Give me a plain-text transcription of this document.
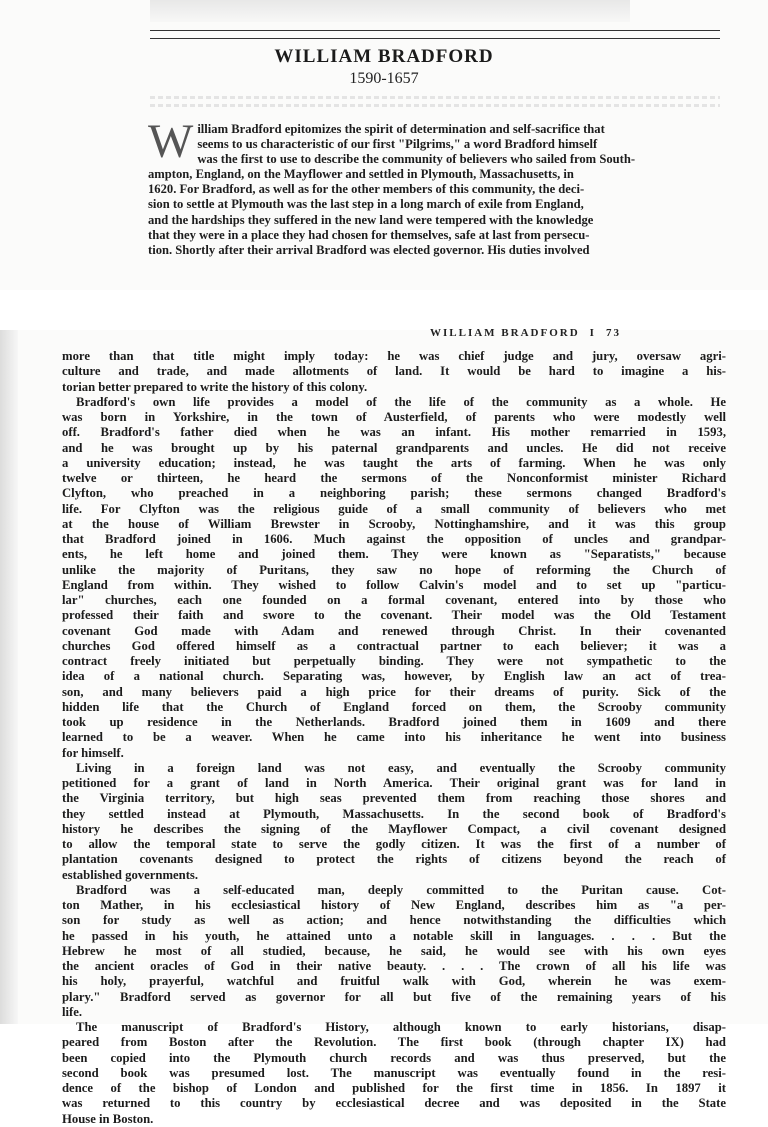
WILLIAM BRADFORD
1590-1657
W illiam Bradford epitomizes the spirit of determination and self-sacrifice that
seems to us characteristic of our first "Pilgrims," a word Bradford himself
was the first to use to describe the community of believers who sailed from South-
ampton, England, on the Mayflower and settled in Plymouth, Massachusetts, in
1620. For Bradford, as well as for the other members of this community, the deci-
sion to settle at Plymouth was the last step in a long march of exile from England,
and the hardships they suffered in the new land were tempered with the knowledge
that they were in a place they had chosen for themselves, safe at last from persecu-
tion. Shortly after their arrival Bradford was elected governor. His duties involved
WILLIAM BRADFORD I 73
more than that title might imply today: he was chief judge and jury, oversaw agri-
culture and trade, and made allotments of land. It would be hard to imagine a his-
torian better prepared to write the history of this colony.
Bradford's own life provides a model of the life of the community as a whole. He
was born in Yorkshire, in the town of Austerfield, of parents who were modestly well
off. Bradford's father died when he was an infant. His mother remarried in 1593,
and he was brought up by his paternal grandparents and uncles. He did not receive
a university education; instead, he was taught the arts of farming. When he was only
twelve or thirteen, he heard the sermons of the Nonconformist minister Richard
Clyfton, who preached in a neighboring parish; these sermons changed Bradford's
life. For Clyfton was the religious guide of a small community of believers who met
at the house of William Brewster in Scrooby, Nottinghamshire, and it was this group
that Bradford joined in 1606. Much against the opposition of uncles and grandpar-
ents, he left home and joined them. They were known as "Separatists," because
unlike the majority of Puritans, they saw no hope of reforming the Church of
England from within. They wished to follow Calvin's model and to set up "particu-
lar" churches, each one founded on a formal covenant, entered into by those who
professed their faith and swore to the covenant. Their model was the Old Testament
covenant God made with Adam and renewed through Christ. In their covenanted
churches God offered himself as a contractual partner to each believer; it was a
contract freely initiated but perpetually binding. They were not sympathetic to the
idea of a national church. Separating was, however, by English law an act of trea-
son, and many believers paid a high price for their dreams of purity. Sick of the
hidden life that the Church of England forced on them, the Scrooby community
took up residence in the Netherlands. Bradford joined them in 1609 and there
learned to be a weaver. When he came into his inheritance he went into business
for himself.
Living in a foreign land was not easy, and eventually the Scrooby community
petitioned for a grant of land in North America. Their original grant was for land in
the Virginia territory, but high seas prevented them from reaching those shores and
they settled instead at Plymouth, Massachusetts. In the second book of Bradford's
history he describes the signing of the Mayflower Compact, a civil covenant designed
to allow the temporal state to serve the godly citizen. It was the first of a number of
plantation covenants designed to protect the rights of citizens beyond the reach of
established governments.
Bradford was a self-educated man, deeply committed to the Puritan cause. Cot-
ton Mather, in his ecclesiastical history of New England, describes him as "a per-
son for study as well as action; and hence notwithstanding the difficulties which
he passed in his youth, he attained unto a notable skill in languages. . . . But the
Hebrew he most of all studied, because, he said, he would see with his own eyes
the ancient oracles of God in their native beauty. . . . The crown of all his life was
his holy, prayerful, watchful and fruitful walk with God, wherein he was exem-
plary." Bradford served as governor for all but five of the remaining years of his
life.
The manuscript of Bradford's History, although known to early historians, disap-
peared from Boston after the Revolution. The first book (through chapter IX) had
been copied into the Plymouth church records and was thus preserved, but the
second book was presumed lost. The manuscript was eventually found in the resi-
dence of the bishop of London and published for the first time in 1856. In 1897 it
was returned to this country by ecclesiastical decree and was deposited in the State
House in Boston.
